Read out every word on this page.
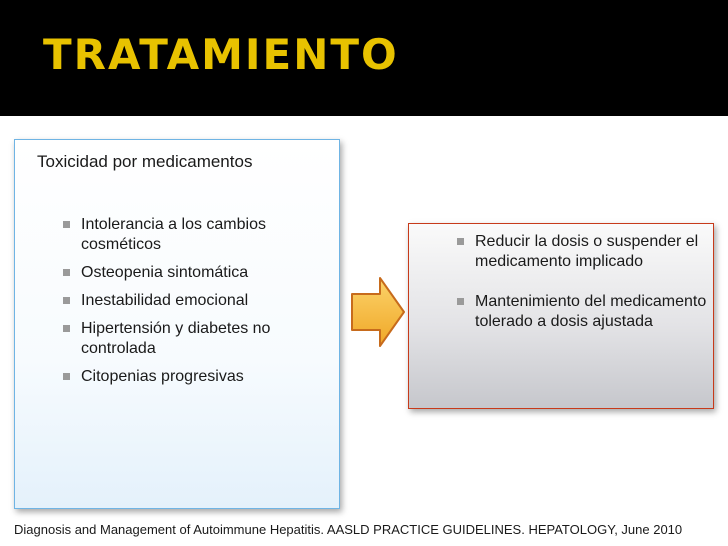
TRATAMIENTO
Toxicidad por medicamentos
Intolerancia a los cambios cosméticos
Osteopenia sintomática
Inestabilidad emocional
Hipertensión y diabetes no controlada
Citopenias progresivas
Reducir la dosis o suspender el medicamento implicado
Mantenimiento del medicamento tolerado a dosis ajustada
Diagnosis and Management of Autoimmune Hepatitis. AASLD PRACTICE GUIDELINES. HEPATOLOGY, June 2010
